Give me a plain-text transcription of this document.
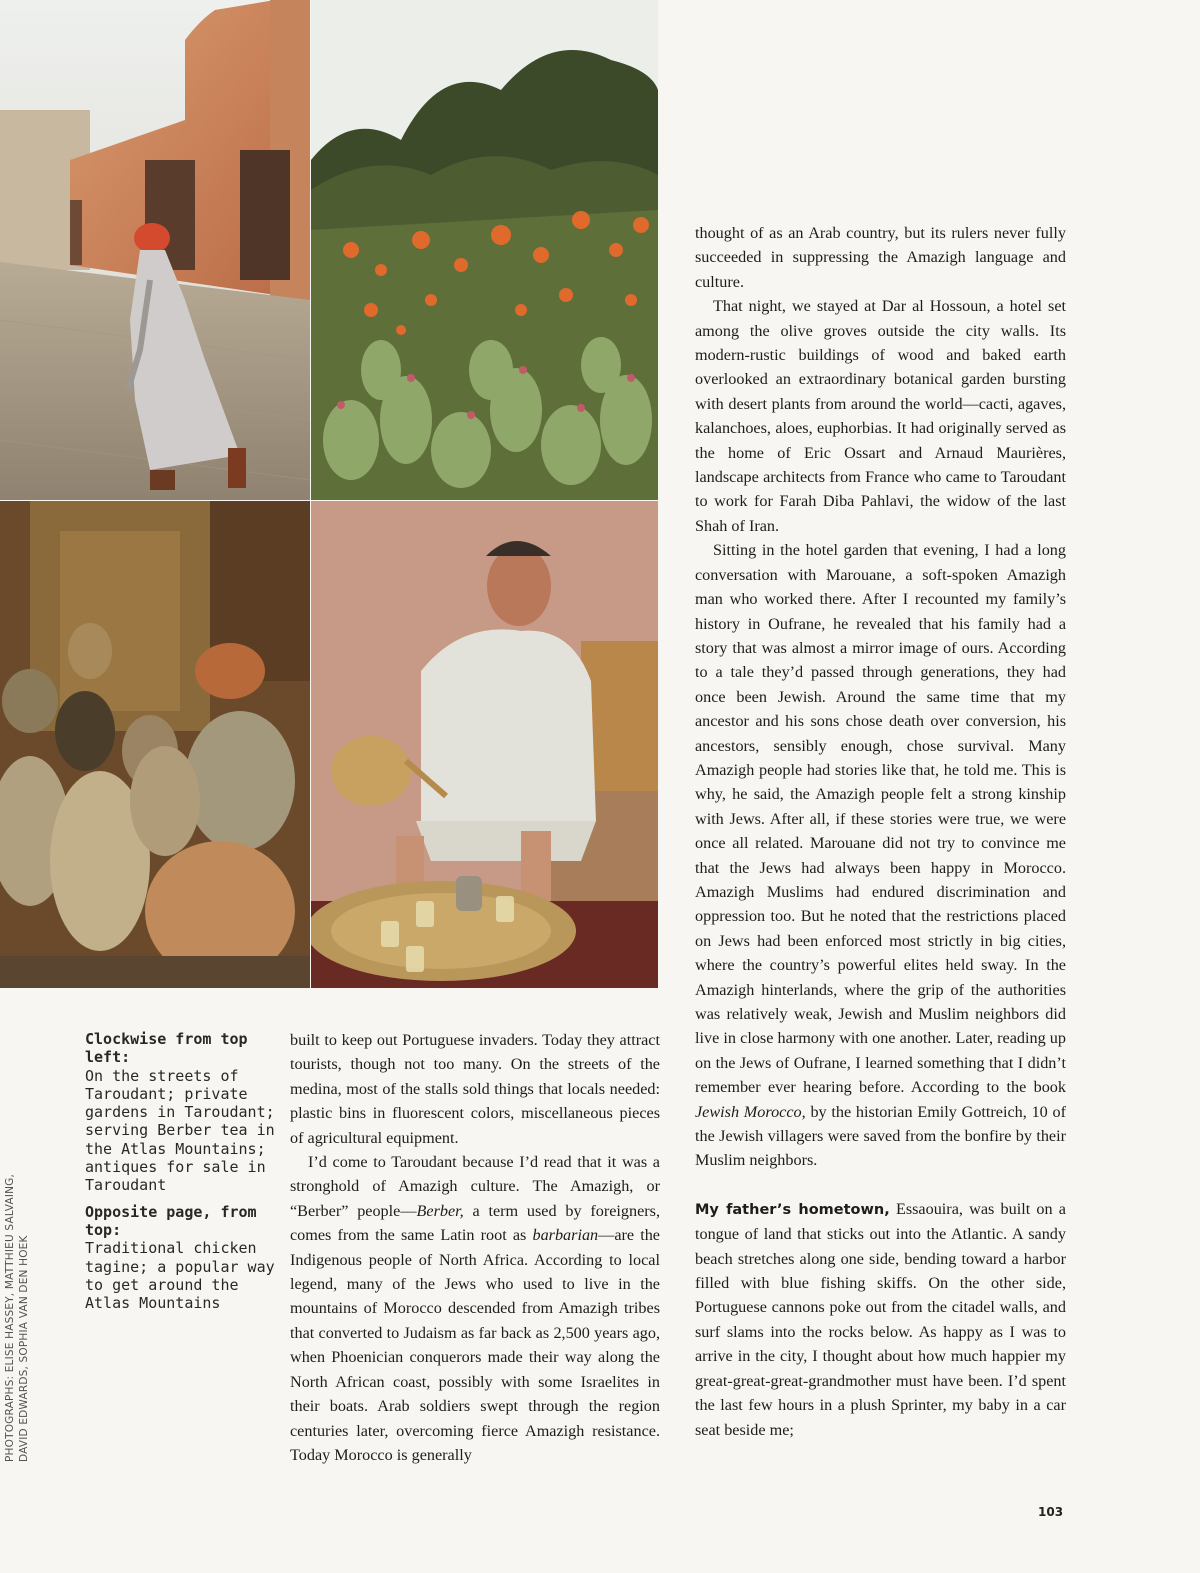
PHOTOGRAPHS: ELISE HASSEY, MATTHIEU SALVAING, DAVID EDWARDS, SOPHIA VAN DEN HOEK
Clockwise from top left:
On the streets of Taroudant; private gardens in Taroudant; serving Berber tea in the Atlas Mountains; antiques for sale in Taroudant
Opposite page, from top:
Traditional chicken tagine; a popular way to get around the Atlas Mountains

built to keep out Portuguese invaders. Today they attract tourists, though not too many. On the streets of the medina, most of the stalls sold things that locals needed: plastic bins in fluorescent colors, miscellaneous pieces of agricultural equipment.

I’d come to Taroudant because I’d read that it was a stronghold of Amazigh culture. The Amazigh, or “Berber” people—Berber, a term used by foreigners, comes from the same Latin root as barbarian—are the Indigenous people of North Africa. According to local legend, many of the Jews who used to live in the mountains of Morocco descended from Amazigh tribes that converted to Judaism as far back as 2,500 years ago, when Phoenician conquerors made their way along the North African coast, possibly with some Israelites in their boats. Arab soldiers swept through the region centuries later, overcoming fierce Amazigh resistance. Today Morocco is generally

thought of as an Arab country, but its rulers never fully succeeded in suppressing the Amazigh language and culture.

That night, we stayed at Dar al Hossoun, a hotel set among the olive groves outside the city walls. Its modern-rustic buildings of wood and baked earth overlooked an extraordinary botanical garden bursting with desert plants from around the world—cacti, agaves, kalanchoes, aloes, euphorbias. It had originally served as the home of Eric Ossart and Arnaud Maurières, landscape architects from France who came to Taroudant to work for Farah Diba Pahlavi, the widow of the last Shah of Iran.

Sitting in the hotel garden that evening, I had a long conversation with Marouane, a soft-spoken Amazigh man who worked there. After I recounted my family’s history in Oufrane, he revealed that his family had a story that was almost a mirror image of ours. According to a tale they’d passed through generations, they had once been Jewish. Around the same time that my ancestor and his sons chose death over conversion, his ancestors, sensibly enough, chose survival. Many Amazigh people had stories like that, he told me. This is why, he said, the Amazigh people felt a strong kinship with Jews. After all, if these stories were true, we were once all related. Marouane did not try to convince me that the Jews had always been happy in Morocco. Amazigh Muslims had endured discrimination and oppression too. But he noted that the restrictions placed on Jews had been enforced most strictly in big cities, where the country’s powerful elites held sway. In the Amazigh hinterlands, where the grip of the authorities was relatively weak, Jewish and Muslim neighbors did live in close harmony with one another. Later, reading up on the Jews of Oufrane, I learned something that I didn’t remember ever hearing before. According to the book Jewish Morocco, by the historian Emily Gottreich, 10 of the Jewish villagers were saved from the bonfire by their Muslim neighbors.

My father’s hometown, Essaouira, was built on a tongue of land that sticks out into the Atlantic. A sandy beach stretches along one side, bending toward a harbor filled with blue fishing skiffs. On the other side, Portuguese cannons poke out from the citadel walls, and surf slams into the rocks below. As happy as I was to arrive in the city, I thought about how much happier my great-great-great-grandmother must have been. I’d spent the last few hours in a plush Sprinter, my baby in a car seat beside me;

103
